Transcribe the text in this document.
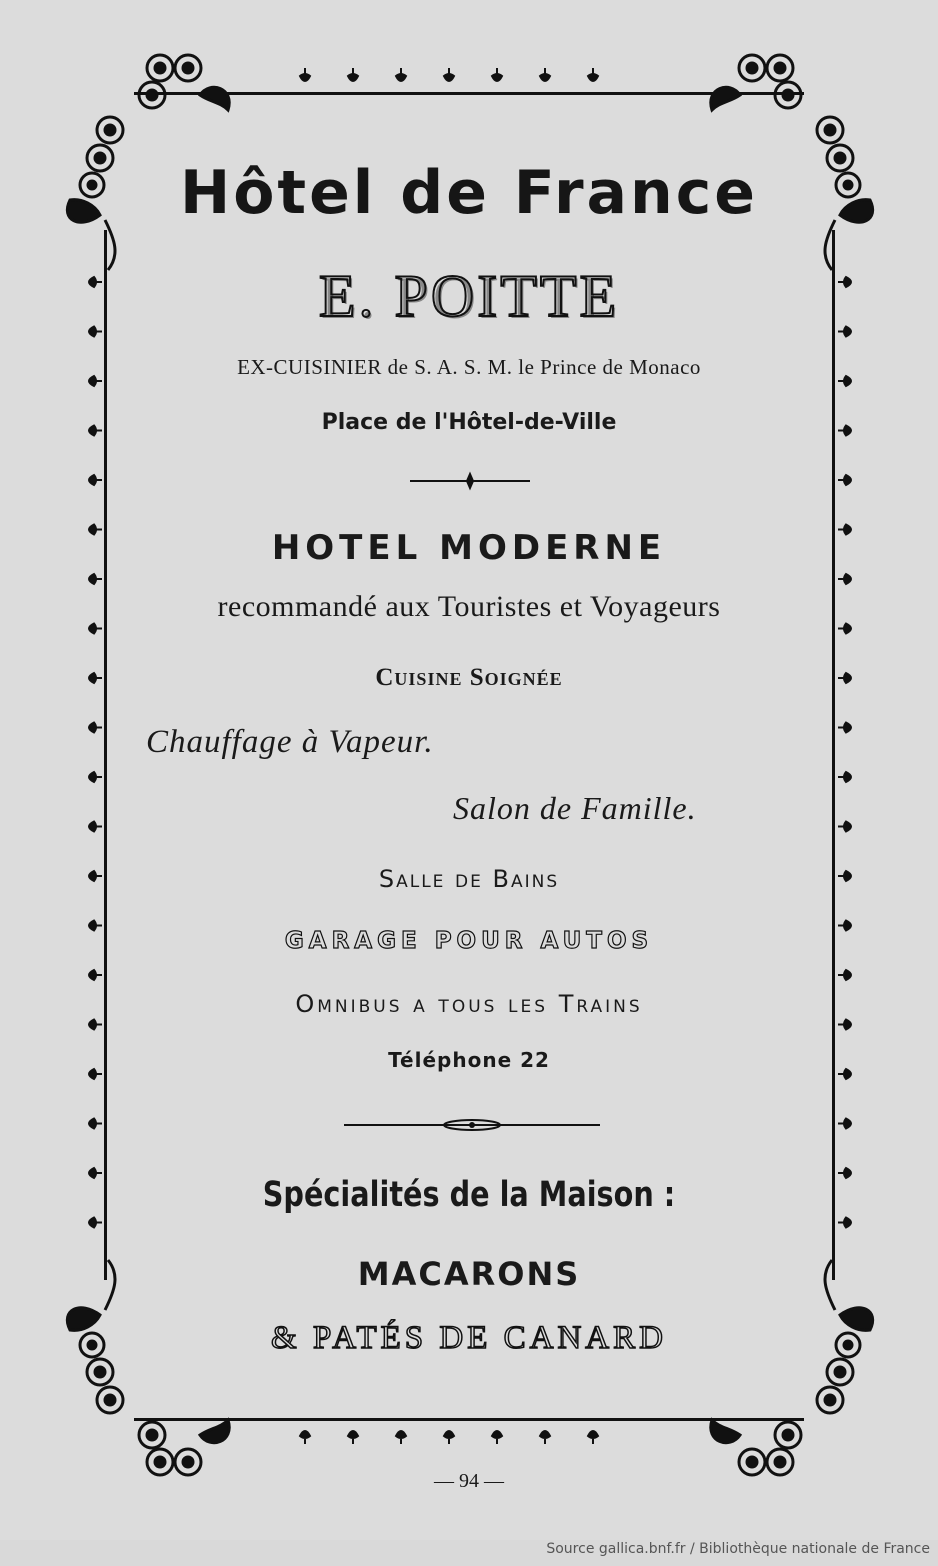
Hôtel de France
E. POITTE
EX-CUISINIER de S. A. S. M. le Prince de Monaco
Place de l'Hôtel-de-Ville
HOTEL MODERNE
recommandé aux Touristes et Voyageurs
Cuisine Soignée
Chauffage à Vapeur.
Salon de Famille.
Salle de Bains
GARAGE POUR AUTOS
Omnibus a tous les Trains
Téléphone 22
Spécialités de la Maison :
MACARONS
& PATÉS DE CANARD
— 94 —
Source gallica.bnf.fr / Bibliothèque nationale de France
